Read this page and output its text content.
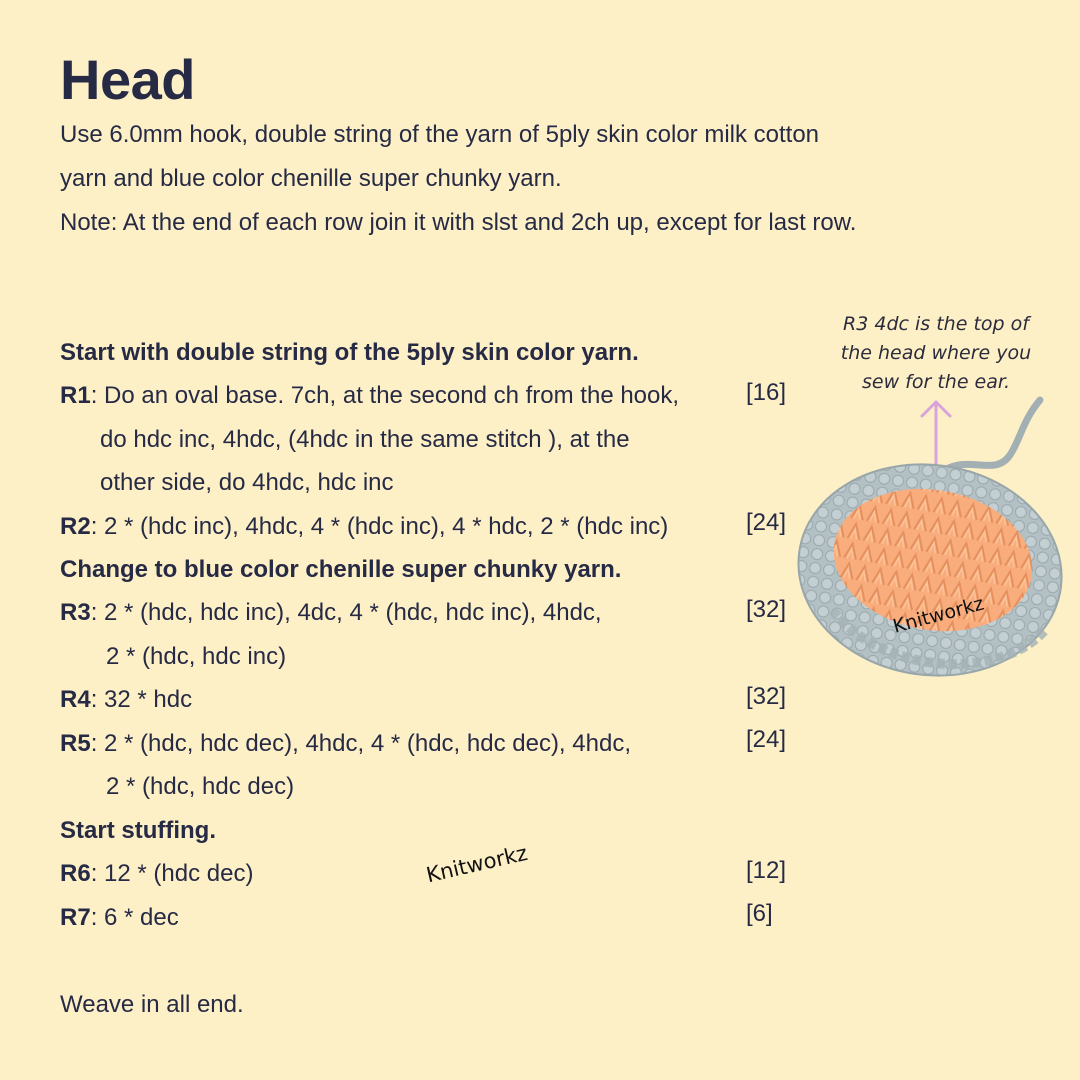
Head

Use 6.0mm hook, double string of the yarn of 5ply skin color milk cotton yarn and blue color chenille super chunky yarn.

Note: At the end of each row join it with slst and 2ch up, except for last row.

Start with double string of the 5ply skin color yarn.
R1: Do an oval base. 7ch, at the second ch from the hook,	[16]
do hdc inc, 4hdc, (4hdc in the same stitch ), at the
other side, do 4hdc, hdc inc
R2: 2 * (hdc inc), 4hdc, 4 * (hdc inc), 4 * hdc, 2 * (hdc inc)	[24]
Change to blue color chenille super chunky yarn.
R3: 2 * (hdc, hdc inc), 4dc, 4 * (hdc, hdc inc), 4hdc,	[32]
2 * (hdc, hdc inc)
R4: 32 * hdc	[32]
R5: 2 * (hdc, hdc dec), 4hdc, 4 * (hdc, hdc dec), 4hdc,	[24]
2 * (hdc, hdc dec)
Start stuffing.
R6: 12 * (hdc dec)	[12]
R7: 6 * dec	[6]
Weave in all end.
Knitworkz
R3 4dc is the top of
the head where you
sew for the ear.
Knitworkz
